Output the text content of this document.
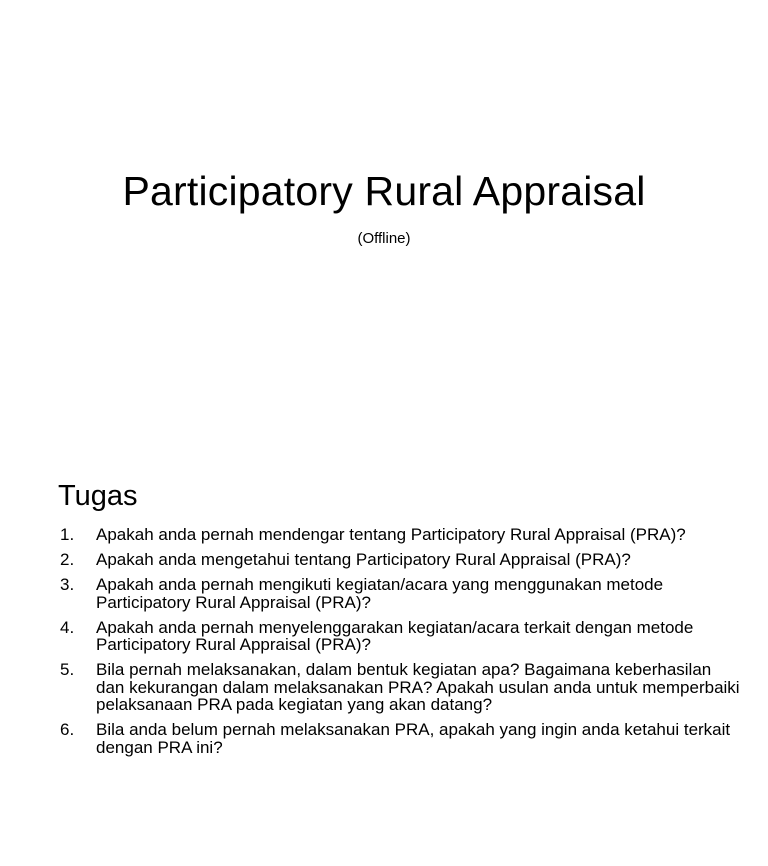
Participatory Rural Appraisal
(Offline)
Tugas
1.	Apakah anda pernah mendengar tentang Participatory Rural Appraisal (PRA)?
2.	Apakah anda mengetahui tentang Participatory Rural Appraisal (PRA)?
3.	Apakah anda pernah mengikuti kegiatan/acara yang menggunakan metode Participatory Rural Appraisal (PRA)?
4.	Apakah anda pernah menyelenggarakan kegiatan/acara terkait dengan metode Participatory Rural Appraisal (PRA)?
5.	Bila pernah melaksanakan, dalam bentuk kegiatan apa? Bagaimana keberhasilan dan kekurangan dalam melaksanakan PRA? Apakah usulan anda untuk memperbaiki pelaksanaan PRA pada kegiatan yang akan datang?
6.	Bila anda belum pernah melaksanakan PRA, apakah yang ingin anda ketahui terkait dengan PRA ini?
